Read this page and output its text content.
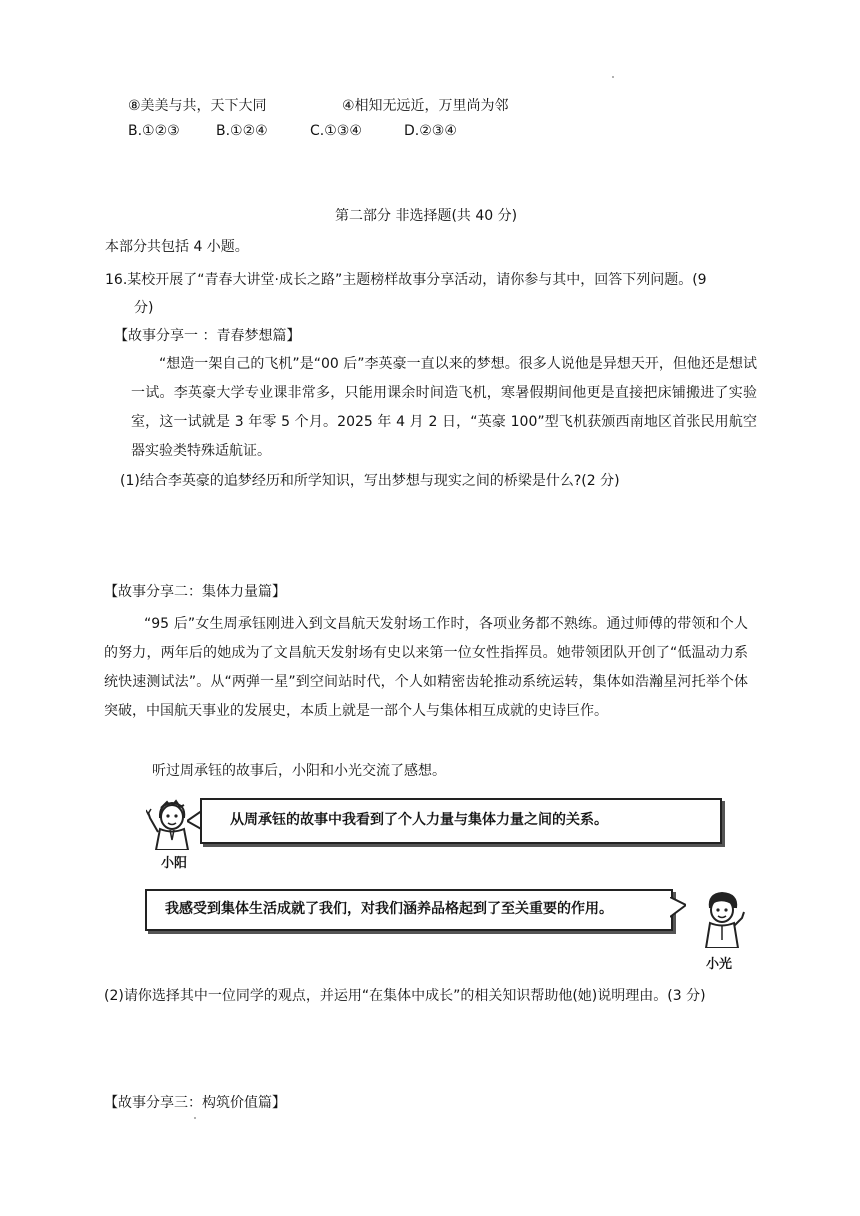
⑧美美与共，天下大同	④相知无远近，万里尚为邻
B.①②③	B.①②④	C.①③④	D.②③④
第二部分 非选择题(共 40 分)
本部分共包括 4 小题。
16.某校开展了“青春大讲堂·成长之路”主题榜样故事分享活动，请你参与其中，回答下列问题。(9
分)
【故事分享一 ：青春梦想篇】
“想造一架自己的飞机”是“00 后”李英豪一直以来的梦想。很多人说他是异想天开，但他还是想试一试。李英豪大学专业课非常多，只能用课余时间造飞机，寒暑假期间他更是直接把床铺搬进了实验室，这一试就是 3 年零 5 个月。2025 年 4 月 2 日，“英豪 100”型飞机获颁西南地区首张民用航空器实验类特殊适航证。
(1)结合李英豪的追梦经历和所学知识，写出梦想与现实之间的桥梁是什么?(2 分)
【故事分享二：集体力量篇】
“95 后”女生周承钰刚进入到文昌航天发射场工作时，各项业务都不熟练。通过师傅的带领和个人的努力，两年后的她成为了文昌航天发射场有史以来第一位女性指挥员。她带领团队开创了“低温动力系统快速测试法”。从“两弹一星”到空间站时代，个人如精密齿轮推动系统运转，集体如浩瀚星河托举个体突破，中国航天事业的发展史，本质上就是一部个人与集体相互成就的史诗巨作。
听过周承钰的故事后，小阳和小光交流了感想。
小阳
从周承钰的故事中我看到了个人力量与集体力量之间的关系。
我感受到集体生活成就了我们，对我们涵养品格起到了至关重要的作用。
小光
(2)请你选择其中一位同学的观点，并运用“在集体中成长”的相关知识帮助他(她)说明理由。(3 分)
【故事分享三：构筑价值篇】
